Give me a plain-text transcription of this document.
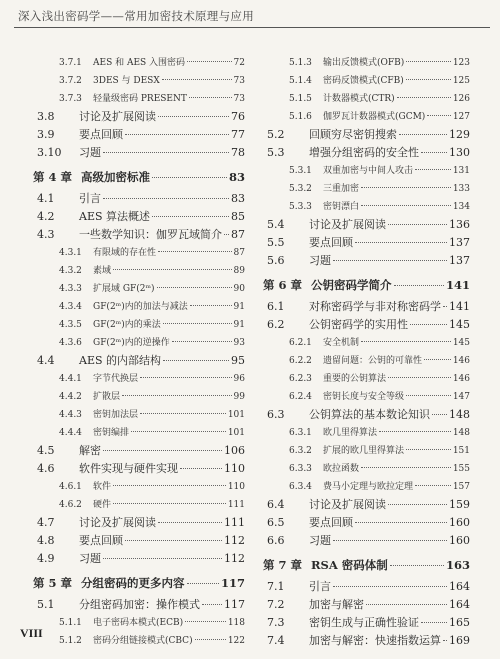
深入浅出密码学——常用加密技术原理与应用
3.7.1	AES 和 AES 入围密码	72
3.7.2	3DES 与 DESX	73
3.7.3	轻量级密码 PRESENT	73
3.8	讨论及扩展阅读	76
3.9	要点回顾	77
3.10	习题	78
第 4 章 高级加密标准	83
4.1	引言	83
4.2	AES 算法概述	85
4.3	一些数学知识：伽罗瓦域简介 87
4.3.1	有限域的存在性	87
4.3.2	素域	89
4.3.3	扩展域 GF(2ᵐ)	90
4.3.4	GF(2ᵐ)内的加法与减法	91
4.3.5	GF(2ᵐ)内的乘法	91
4.3.6	GF(2ᵐ)内的逆操作	93
4.4	AES 的内部结构	95
4.4.1	字节代换层	96
4.4.2	扩散层	99
4.4.3	密钥加法层	101
4.4.4	密钥编排	101
4.5	解密	106
4.6	软件实现与硬件实现	110
4.6.1	软件	110
4.6.2	硬件	111
4.7	讨论及扩展阅读	111
4.8	要点回顾	112
4.9	习题	112
第 5 章 分组密码的更多内容	117
5.1	分组密码加密：操作模式 117
5.1.1	电子密码本模式(ECB)	118
5.1.2	密码分组链接模式(CBC)	122
5.1.3	输出反馈模式(OFB)	123
5.1.4	密码反馈模式(CFB)	125
5.1.5	计数器模式(CTR)	126
5.1.6	伽罗瓦计数器模式(GCM)	127
5.2	回顾穷尽密钥搜索	129
5.3	增强分组密码的安全性	130
5.3.1	双重加密与中间人攻击	131
5.3.2	三重加密	133
5.3.3	密钥漂白	134
5.4	讨论及扩展阅读	136
5.5	要点回顾	137
5.6	习题	137
第 6 章 公钥密码学简介	141
6.1	对称密码学与非对称密码学 141
6.2	公钥密码学的实用性	145
6.2.1	安全机制	145
6.2.2	遗留问题：公钥的可靠性	146
6.2.3	重要的公钥算法	146
6.2.4	密钥长度与安全等级	147
6.3	公钥算法的基本数论知识 148
6.3.1	欧几里得算法	148
6.3.2	扩展的欧几里得算法	151
6.3.3	欧拉函数	155
6.3.4	费马小定理与欧拉定理	157
6.4	讨论及扩展阅读	159
6.5	要点回顾	160
6.6	习题	160
第 7 章 RSA 密码体制	163
7.1	引言	164
7.2	加密与解密	164
7.3	密钥生成与正确性验证	165
7.4	加密与解密：快速指数运算 169
VIII
